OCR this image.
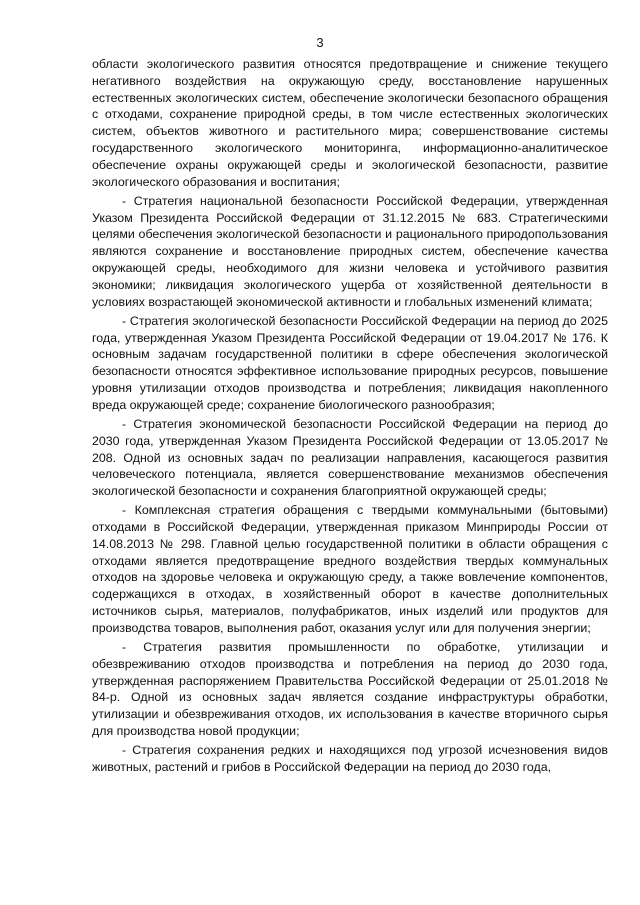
3

области экологического развития относятся предотвращение и снижение текущего негативного воздействия на окружающую среду, восстановление нарушенных естественных экологических систем, обеспечение экологически безопасного обращения с отходами, сохранение природной среды, в том числе естественных экологических систем, объектов животного и растительного мира; совершенствование системы государственного экологического мониторинга, информационно-аналитическое обеспечение охраны окружающей среды и экологической безопасности, развитие экологического образования и воспитания;

- Стратегия национальной безопасности Российской Федерации, утвержденная Указом Президента Российской Федерации от 31.12.2015 № 683. Стратегическими целями обеспечения экологической безопасности и рационального природопользования являются сохранение и восстановление природных систем, обеспечение качества окружающей среды, необходимого для жизни человека и устойчивого развития экономики; ликвидация экологического ущерба от хозяйственной деятельности в условиях возрастающей экономической активности и глобальных изменений климата;

- Стратегия экологической безопасности Российской Федерации на период до 2025 года, утвержденная Указом Президента Российской Федерации от 19.04.2017 № 176. К основным задачам государственной политики в сфере обеспечения экологической безопасности относятся эффективное использование природных ресурсов, повышение уровня утилизации отходов производства и потребления; ликвидация накопленного вреда окружающей среде; сохранение биологического разнообразия;

- Стратегия экономической безопасности Российской Федерации на период до 2030 года, утвержденная Указом Президента Российской Федерации от 13.05.2017 № 208. Одной из основных задач по реализации направления, касающегося развития человеческого потенциала, является совершенствование механизмов обеспечения экологической безопасности и сохранения благоприятной окружающей среды;

- Комплексная стратегия обращения с твердыми коммунальными (бытовыми) отходами в Российской Федерации, утвержденная приказом Минприроды России от 14.08.2013 № 298. Главной целью государственной политики в области обращения с отходами является предотвращение вредного воздействия твердых коммунальных отходов на здоровье человека и окружающую среду, а также вовлечение компонентов, содержащихся в отходах, в хозяйственный оборот в качестве дополнительных источников сырья, материалов, полуфабрикатов, иных изделий или продуктов для производства товаров, выполнения работ, оказания услуг или для получения энергии;

- Стратегия развития промышленности по обработке, утилизации и обезвреживанию отходов производства и потребления на период до 2030 года, утвержденная распоряжением Правительства Российской Федерации от 25.01.2018 № 84-р. Одной из основных задач является создание инфраструктуры обработки, утилизации и обезвреживания отходов, их использования в качестве вторичного сырья для производства новой продукции;

- Стратегия сохранения редких и находящихся под угрозой исчезновения видов животных, растений и грибов в Российской Федерации на период до 2030 года,
